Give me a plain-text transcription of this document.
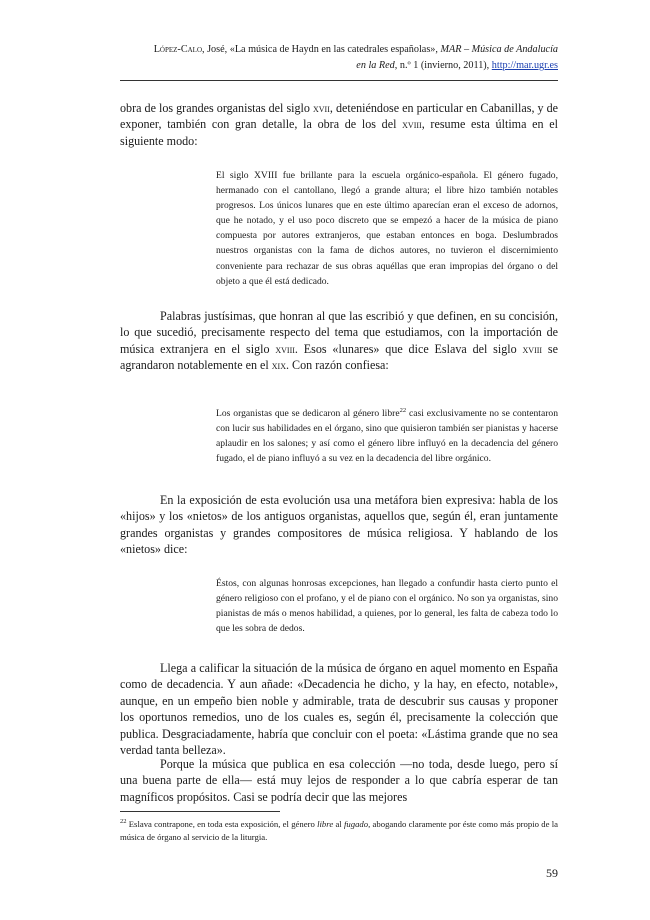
López-Calo, José, «La música de Haydn en las catedrales españolas», MAR – Música de Andalucía
en la Red, n.º 1 (invierno, 2011), http://mar.ugr.es

obra de los grandes organistas del siglo xvii, deteniéndose en particular en Cabanillas, y de exponer, también con gran detalle, la obra de los del xviii, resume esta última en el siguiente modo:

El siglo XVIII fue brillante para la escuela orgánico-española. El género fugado, hermanado con el cantollano, llegó a grande altura; el libre hizo también notables progresos. Los únicos lunares que en este último aparecían eran el exceso de adornos, que he notado, y el uso poco discreto que se empezó a hacer de la música de piano compuesta por autores extranjeros, que estaban entonces en boga. Deslumbrados nuestros organistas con la fama de dichos autores, no tuvieron el discernimiento conveniente para rechazar de sus obras aquéllas que eran impropias del órgano o del objeto a que él está dedicado.

Palabras justísimas, que honran al que las escribió y que definen, en su concisión, lo que sucedió, precisamente respecto del tema que estudiamos, con la importación de música extranjera en el siglo xviii. Esos «lunares» que dice Eslava del siglo xviii se agrandaron notablemente en el xix. Con razón confiesa:

Los organistas que se dedicaron al género libre$^{22}$ casi exclusivamente no se contentaron con lucir sus habilidades en el órgano, sino que quisieron también ser pianistas y hacerse aplaudir en los salones; y así como el género libre influyó en la decadencia del género fugado, el de piano influyó a su vez en la decadencia del libre orgánico.

En la exposición de esta evolución usa una metáfora bien expresiva: habla de los «hijos» y los «nietos» de los antiguos organistas, aquellos que, según él, eran juntamente grandes organistas y grandes compositores de música religiosa. Y hablando de los «nietos» dice:

Éstos, con algunas honrosas excepciones, han llegado a confundir hasta cierto punto el género religioso con el profano, y el de piano con el orgánico. No son ya organistas, sino pianistas de más o menos habilidad, a quienes, por lo general, les falta de cabeza todo lo que les sobra de dedos.

Llega a calificar la situación de la música de órgano en aquel momento en España como de decadencia. Y aun añade: «Decadencia he dicho, y la hay, en efecto, notable», aunque, en un empeño bien noble y admirable, trata de descubrir sus causas y proponer los oportunos remedios, uno de los cuales es, según él, precisamente la colección que publica. Desgraciadamente, habría que concluir con el poeta: «Lástima grande que no sea verdad tanta belleza».

Porque la música que publica en esa colección —no toda, desde luego, pero sí una buena parte de ella— está muy lejos de responder a lo que cabría esperar de tan magníficos propósitos. Casi se podría decir que las mejores

$^{22}$ Eslava contrapone, en toda esta exposición, el género libre al fugado, abogando claramente por éste como más propio de la música de órgano al servicio de la liturgia.

59
